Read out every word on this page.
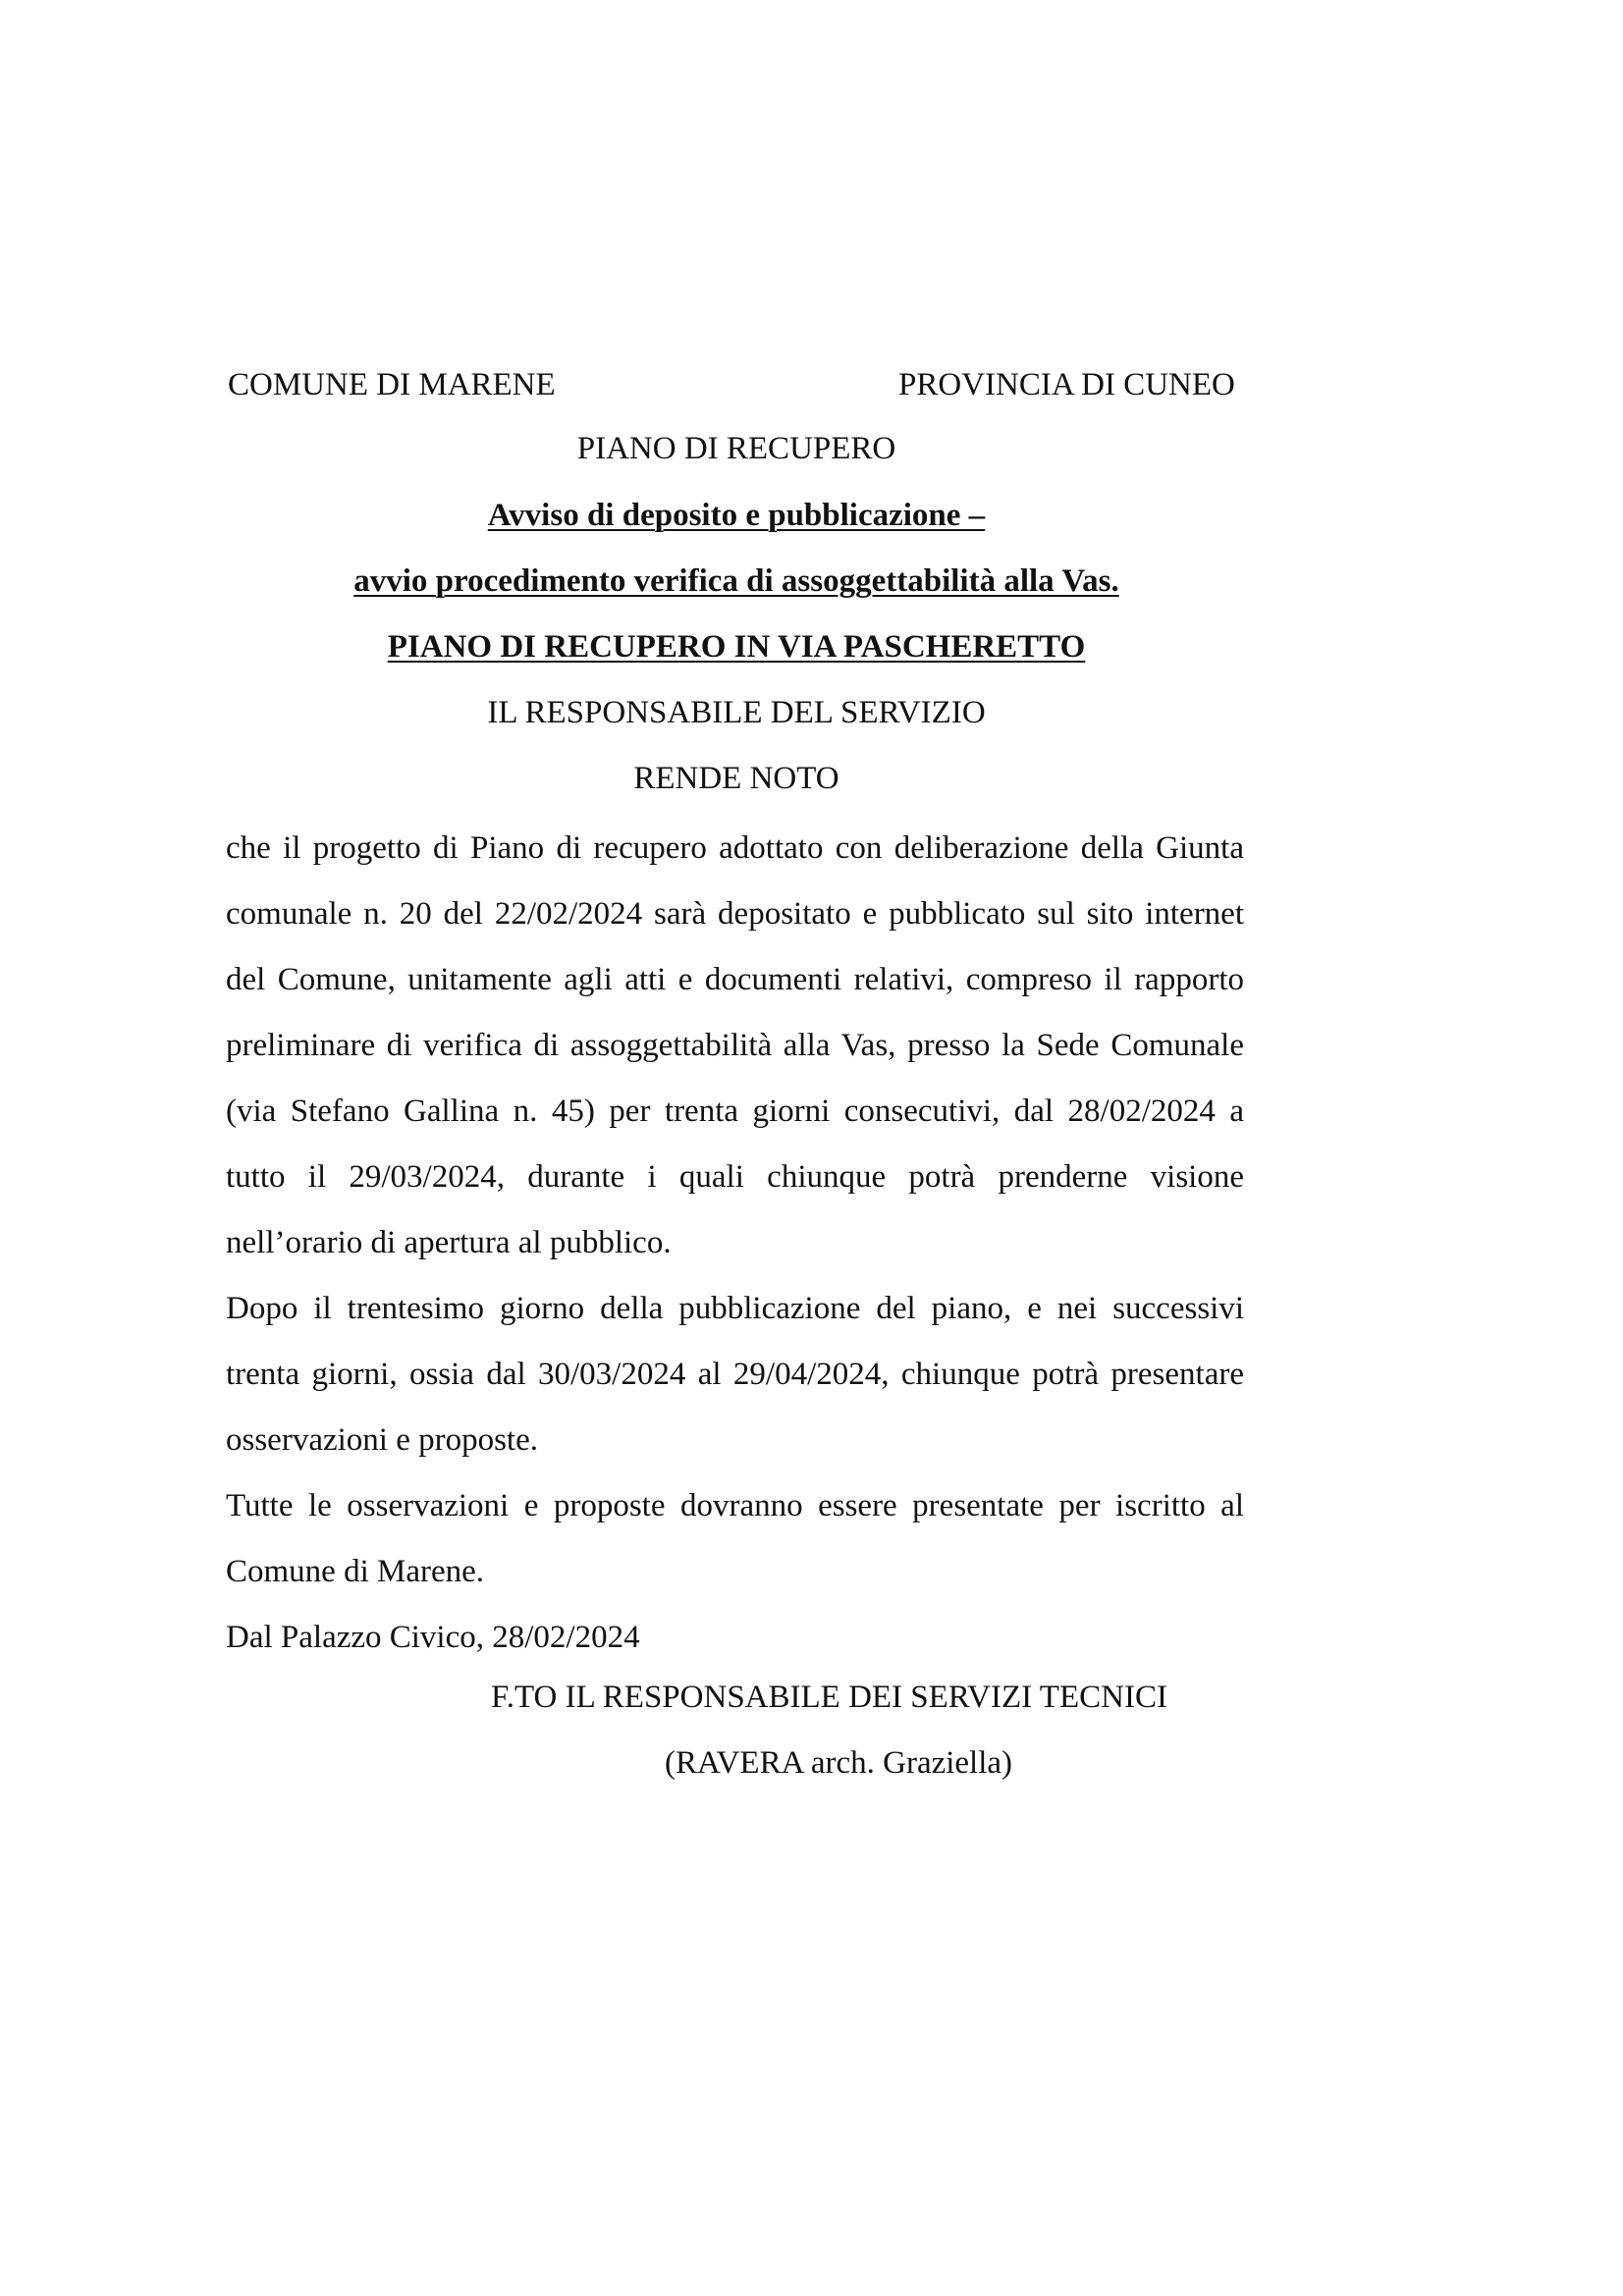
COMUNE DI MARENE	PROVINCIA DI CUNEO
PIANO DI RECUPERO
Avviso di deposito e pubblicazione –
avvio procedimento verifica di assoggettabilità alla Vas.
PIANO DI RECUPERO IN VIA PASCHERETTO
IL RESPONSABILE DEL SERVIZIO
RENDE NOTO

che il progetto di Piano di recupero adottato con deliberazione della Giunta comunale n. 20 del 22/02/2024 sarà depositato e pubblicato sul sito internet del Comune, unitamente agli atti e documenti relativi, compreso il rapporto preliminare di verifica di assoggettabilità alla Vas, presso la Sede Comunale (via Stefano Gallina n. 45) per trenta giorni consecutivi, dal 28/02/2024 a tutto il 29/03/2024, durante i quali chiunque potrà prenderne visione nell’orario di apertura al pubblico.

Dopo il trentesimo giorno della pubblicazione del piano, e nei successivi trenta giorni, ossia dal 30/03/2024 al 29/04/2024, chiunque potrà presentare osservazioni e proposte.

Tutte le osservazioni e proposte dovranno essere presentate per iscritto al Comune di Marene.

Dal Palazzo Civico, 28/02/2024

F.TO IL RESPONSABILE DEI SERVIZI TECNICI
(RAVERA arch. Graziella)
